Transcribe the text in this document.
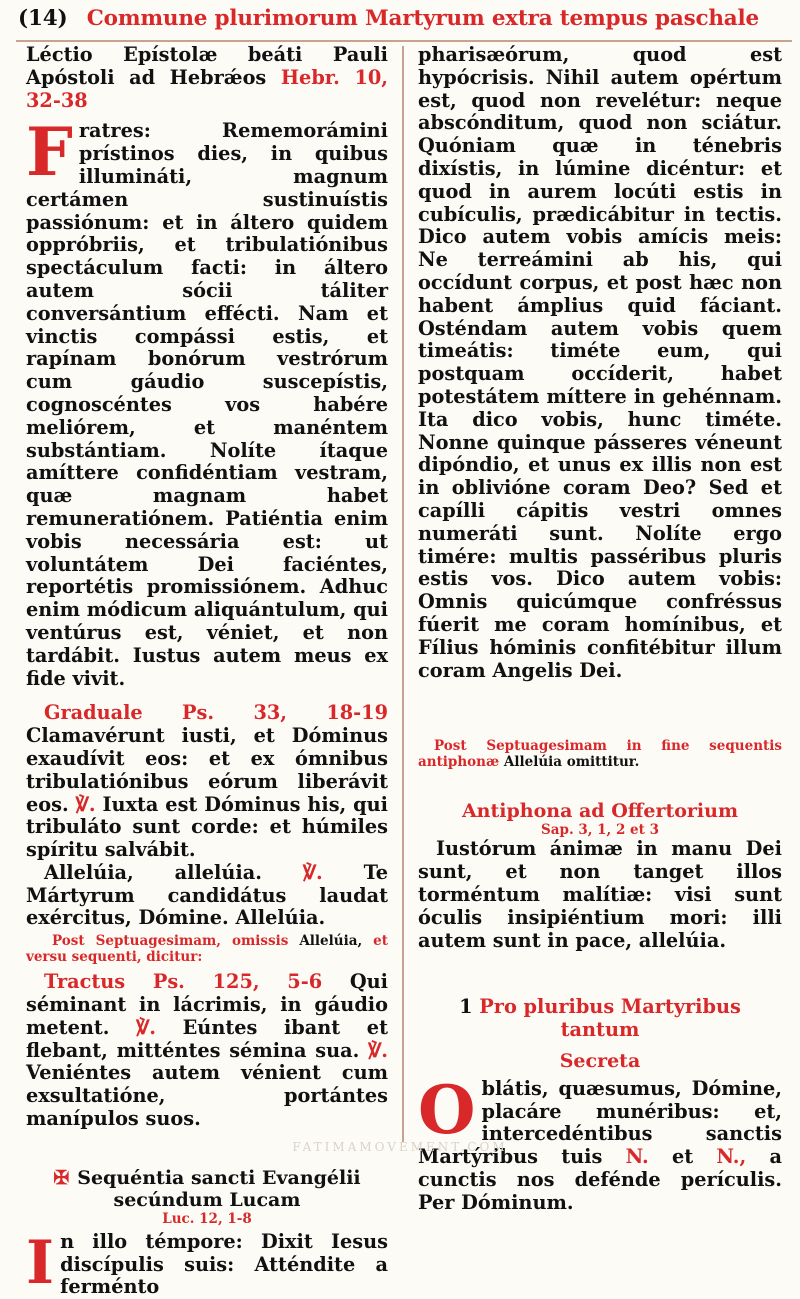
(14) Commune plurimorum Martyrum extra tempus paschale

Léctio Epístolæ beáti Pauli Apóstoli ad Hebrǽos Hebr. 10, 32-38

Fratres: Rememorámini prístinos dies, in quibus illumináti, magnum certámen sustinuístis passiónum: et in áltero quidem oppróbriis, et tribulatiónibus spectáculum facti: in áltero autem sócii táliter conversántium effécti. Nam et vinctis compássi estis, et rapínam bonórum vestrórum cum gáudio suscepístis, cognoscéntes vos habére meliórem, et manéntem substántiam. Nolíte ítaque amíttere confidéntiam vestram, quæ magnam habet remuneratiónem. Patiéntia enim vobis necessária est: ut voluntátem Dei faciéntes, reportétis promissiónem. Adhuc enim módicum aliquántulum, qui ventúrus est, véniet, et non tardábit. Iustus autem meus ex fide vivit.

Graduale Ps. 33, 18-19 Clamavérunt iusti, et Dóminus exaudívit eos: et ex ómnibus tribulatiónibus eórum liberávit eos. ℣. Iuxta est Dóminus his, qui tribuláto sunt corde: et húmiles spíritu salvábit.

Allelúia, allelúia. ℣. Te Mártyrum candidátus laudat exércitus, Dómine. Allelúia.

Post Septuagesimam, omissis Allelúia, et versu sequenti, dicitur:

Tractus Ps. 125, 5-6 Qui séminant in lácrimis, in gáudio metent. ℣. Eúntes ibant et flebant, mitténtes sémina sua. ℣. Veniéntes autem vénient cum exsultatióne, portántes manípulos suos.

✠ Sequéntia sancti Evangélii
secúndum Lucam
Luc. 12, 1-8

In illo témpore: Dixit Iesus discípulis suis: Atténdite a ferménto

pharisæórum, quod est hypócrisis. Nihil autem opértum est, quod non revelétur: neque abscónditum, quod non sciátur. Quóniam quæ in ténebris dixístis, in lúmine dicéntur: et quod in aurem locúti estis in cubículis, prædicábitur in tectis. Dico autem vobis amícis meis: Ne terreámini ab his, qui occídunt corpus, et post hæc non habent ámplius quid fáciant. Osténdam autem vobis quem timeátis: timéte eum, qui postquam occíderit, habet potestátem míttere in gehénnam. Ita dico vobis, hunc timéte. Nonne quinque pásseres véneunt dipóndio, et unus ex illis non est in oblivióne coram Deo? Sed et capílli cápitis vestri omnes numeráti sunt. Nolíte ergo timére: multis passéribus pluris estis vos. Dico autem vobis: Omnis quicúmque confréssus fúerit me coram homínibus, et Fílius hóminis confitébitur illum coram Angelis Dei.

Post Septuagesimam in fine sequentis antiphonæ Allelúia omittitur.

Antiphona ad Offertorium
Sap. 3, 1, 2 et 3

Iustórum ánimæ in manu Dei sunt, et non tanget illos torméntum malítiæ: visi sunt óculis insipiéntium mori: illi autem sunt in pace, allelúia.

1 Pro pluribus Martyribus tantum

Secreta

Oblátis, quæsumus, Dómine, placáre munéribus: et, intercedéntibus sanctis Martýribus tuis N. et N., a cunctis nos defénde perículis. Per Dóminum.

FATIMAMOVEMENT.COM
